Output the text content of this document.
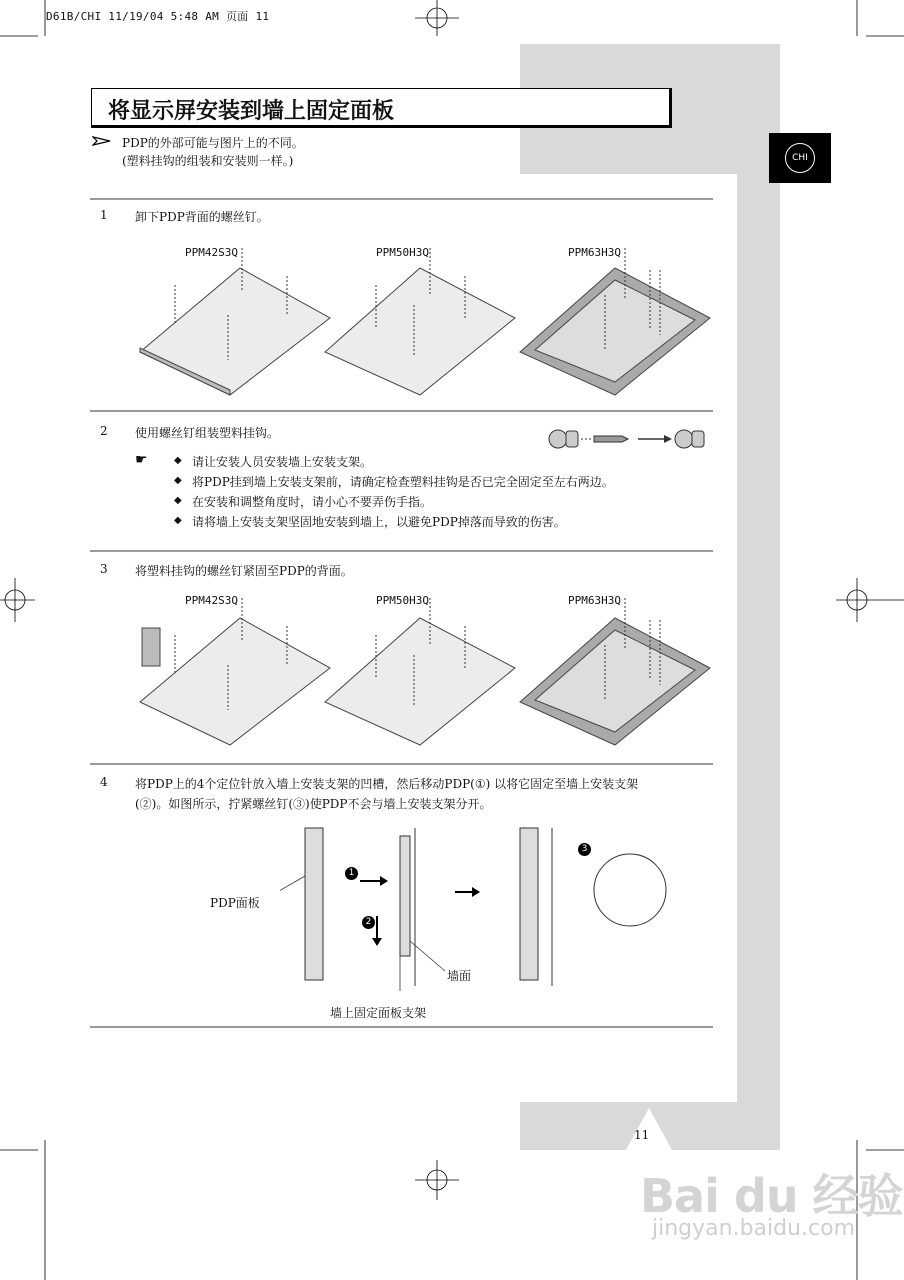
D61B/CHI 11/19/04 5:48 AM 页面 11
CHI
将显示屏安装到墙上固定面板
PDP的外部可能与图片上的不同。
(塑料挂钩的组装和安装则一样。)
1 卸下PDP背面的螺丝钉。
PPM42S3Q	PPM50H3Q	PPM63H3Q
2 使用螺丝钉组装塑料挂钩。
☛	◆ 请让安装人员安装墙上安装支架。
◆ 将PDP挂到墙上安装支架前，请确定检查塑料挂钩是否已完全固定至左右两边。
◆ 在安装和调整角度时，请小心不要弄伤手指。
◆ 请将墙上安装支架坚固地安装到墙上，以避免PDP掉落而导致的伤害。
3 将塑料挂钩的螺丝钉紧固至PDP的背面。
PPM42S3Q	PPM50H3Q	PPM63H3Q
4 将PDP上的4个定位针放入墙上安装支架的凹槽，然后移动PDP(①) 以将它固定至墙上安装支架
(②)。如图所示，拧紧螺丝钉(③)使PDP不会与墙上安装支架分开。
1
2
3
PDP面板
墙面
墙上固定面板支架
11
Bai du 经验
jingyan.baidu.com
